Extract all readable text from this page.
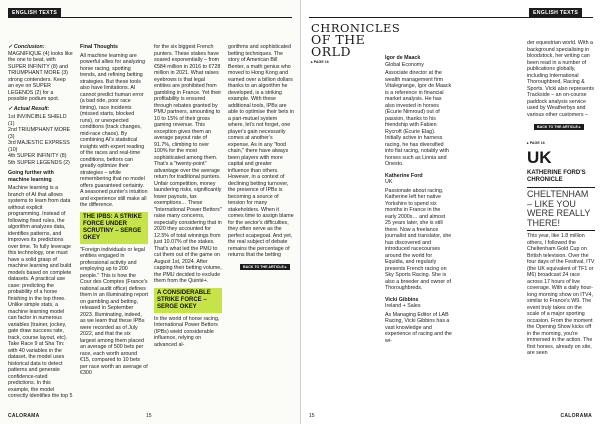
ENGLISH TEXTS

✓ Conclusion:
MAGNIFIQUE (4) looks like the one to beat, with SUPER INFINITY (8) and TRIUMPHANT MORE (3) strong contenders. Keep an eye on SUPER LEGENDS (2) for a possible podium spot.

✓ Actual Result:

1st INVINCIBLE SHIELD (1)

2nd TRIUMPHANT MORE (3)

3rd MAJESTIC EXPRESS (10)

4th SUPER INFINITY (8)

5th SUPER LEGENDS (2)

Going further with machine learning

Machine learning is a branch of AI that allows systems to learn from data without explicit programming. Instead of following fixed rules, the algorithm analyzes data, identifies patterns, and improves its predictions over time. To fully leverage this technology, one must have a solid grasp of machine learning and build models based on complete datasets. A practical use case: predicting the probability of a horse finishing in the top three. Unlike simple stats, a machine learning model can factor in numerous variables (trainer, jockey, gate draw success rate, track, course layout, etc). Take Race 9 at Sha Tin: with 40 variables in the dataset, the model uses historical data to detect patterns and generate confidence-rated predictions. In this example, the model correctly identifies the top 5

Final Thoughts

All machine learning are powerful allies for analyzing horse racing, spotting trends, and refining betting strategies. But these tools also have limitations. AI cannot predict human error (a bad ride, poor race timing), race incidents (missed starts, blocked runs), or unexpected conditions (track changes, mid-race chaos). By combining AI's statistical insights with expert reading of the races and real-time conditions, bettors can greatly optimize their strategies – while remembering that no model offers guaranteed certainty. A seasoned punter's intuition and experience still make all the difference.

THE IPBS: A STRIKE FORCE UNDER SCRUTINY – SERGE OKEY

"Foreign individuals or legal entities engaged in professional activity and employing up to 200 people." This is how the Cour des Comptes (France's national audit office) defines them in an illuminating report on gambling and betting, released in September 2023. Illuminating, indeed, as we learn that these IPBs were recorded as of July 2022, and that the six largest among them placed an average of 500 bets per race, each worth around €15, compared to 10 bets per race worth an average of €300

for the six biggest French punters. These stakes have soared exponentially – from €584 million in 2016 to €728 million in 2021. What raises eyebrows is that legal entities are prohibited from gambling in France. Yet their profitability is ensured through rebates granted by PMU partners, amounting to 10 to 15% of their gross gaming revenue. This exception gives them an average payout rate of 91.7%, climbing to over 100% for the most sophisticated among them. That's a "twenty-point" advantage over the average return for traditional punters. Unfair competition, money laundering risks, significantly lower payouts, tax exemptions… These "International Power Bettors" raise many concerns, especially considering that in 2020 they accounted for 12.5% of total winnings from just 10.07% of the stakes. That's what led the PMU to cut them out of the game on August 1st, 2024. After capping their betting volume, the PMU decided to exclude them from the Quinté+.

A CONSIDERABLE STRIKE FORCE – SERGE OKEY

In the world of horse racing, International Power Bettors (IPBs) wield considerable influence, relying on advanced al-

gorithms and sophisticated betting techniques. The story of American Bill Benter, a math genius who moved to Hong Kong and earned over a billion dollars thanks to an algorithm he developed, is a striking example. With these additional tools, IPBs are able to optimise their bets in a pari-mutuel system where, let's not forget, one player's gain necessarily comes at another's expense. As in any "food chain," there have always been players with more capital and greater influence than others. However, in a context of declining betting turnover, the presence of IPBs is becoming a source of tension for many stakeholders. When it comes time to assign blame for the sector's difficulties, they often serve as the perfect scapegoat. And yet, the real subject of debate remains the percentage of returns that the betting

BACK TO THE ARTICLE ▸
CALORAMA	15
CHRONICLES
OF THE ORLD
▸ PAGE 16

Igor de Maack

Global Economy

Associate director at the wealth management firm Vitalegrange, Igor de Maack is a reference in financial market analysis. He has also invested in horses (Écurie Nimroud) out of passion, thanks to his friendship with Fabien Rycroft (Écurie Elag). Initially active in harness racing, he has diversified into flat racing, notably with horses such as Linnia and Onesto.

Katherine Ford

UK

Passionate about racing, Katherine left her native Yorkshire to spend six months in France in the early 2000s… and almost 25 years later, she is still there. Now a freelance journalist and translator, she has discovered and introduced racecourses around the world for Equidia, and regularly presents French racing on Sky Sports Racing. She is also a breeder and owner of Thoroughbreds.

Vicki Gibbins

Ireland + Sales

As Managing Editor of LAB Racing, Vicki Gibbins has a vast knowledge and experience of racing and the wi-

ENGLISH TEXTS

der equestrian world. With a background specialising in bloodstock, her writing can been read in a number of publications globally, including International Thoroughbred, Racing & Sports. Vicki also represents Trackside – an on-course paddock analysis service used by Weatherbys and various other customers –

BACK TO THE ARTICLE ▸
▸ PAGE 16

UK

KATHERINE FORD'S CHRONICLE

CHELTENHAM – LIKE YOU WERE REALLY THERE!

This year, like 1.8 million others, I followed the Cheltenham Gold Cup on British television. Over the four days of the Festival, ITV (the UK equivalent of TF1 or M6) broadcast 24 race across 17 hours of live coverage. With a daily hour-long morning show on ITV4, similar to France's W9. The event truly takes on the scale of a major sporting occasion. From the moment the Opening Show kicks off in the morning, you're immersed in the action. The first horses, already on site, are seen

15	CALORAMA
